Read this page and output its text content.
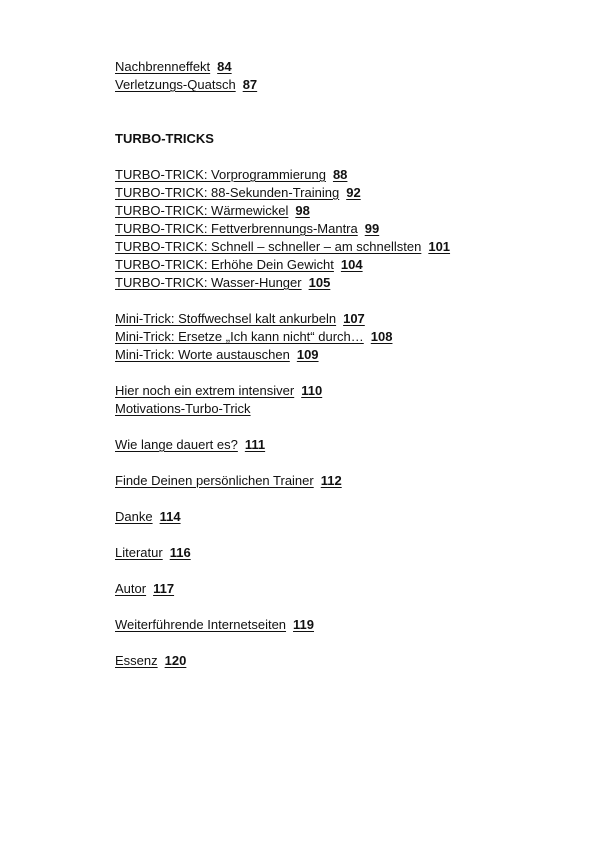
Nachbrenneffekt 84
Verletzungs-Quatsch 87
TURBO-TRICKS
TURBO-TRICK: Vorprogrammierung 88
TURBO-TRICK: 88-Sekunden-Training 92
TURBO-TRICK: Wärmewickel 98
TURBO-TRICK: Fettverbrennungs-Mantra 99
TURBO-TRICK: Schnell – schneller – am schnellsten 101
TURBO-TRICK: Erhöhe Dein Gewicht 104
TURBO-TRICK: Wasser-Hunger 105
Mini-Trick: Stoffwechsel kalt ankurbeln 107
Mini-Trick: Ersetze „Ich kann nicht“ durch… 108
Mini-Trick: Worte austauschen 109
Hier noch ein extrem intensiver 110
Motivations-Turbo-Trick
Wie lange dauert es? 111
Finde Deinen persönlichen Trainer 112
Danke 114
Literatur 116
Autor 117
Weiterführende Internetseiten 119
Essenz 120
